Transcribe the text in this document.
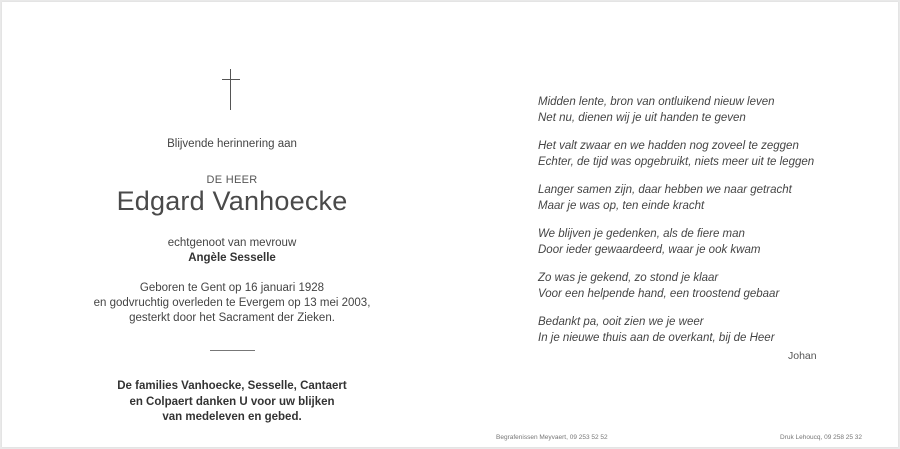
Blijvende herinnering aan
DE HEER
Edgard Vanhoecke
echtgenoot van mevrouw
Angèle Sesselle
Geboren te Gent op 16 januari 1928
en godvruchtig overleden te Evergem op 13 mei 2003,
gesterkt door het Sacrament der Zieken.
De families Vanhoecke, Sesselle, Cantaert
en Colpaert danken U voor uw blijken
van medeleven en gebed.
Begrafenissen Meyvaert, 09 253 52 52
Midden lente, bron van ontluikend nieuw leven
Net nu, dienen wij je uit handen te geven
Het valt zwaar en we hadden nog zoveel te zeggen
Echter, de tijd was opgebruikt, niets meer uit te leggen
Langer samen zijn, daar hebben we naar getracht
Maar je was op, ten einde kracht
We blijven je gedenken, als de fiere man
Door ieder gewaardeerd, waar je ook kwam
Zo was je gekend, zo stond je klaar
Voor een helpende hand, een troostend gebaar
Bedankt pa, ooit zien we je weer
In je nieuwe thuis aan de overkant, bij de Heer
Johan
Druk Lehoucq, 09 258 25 32
